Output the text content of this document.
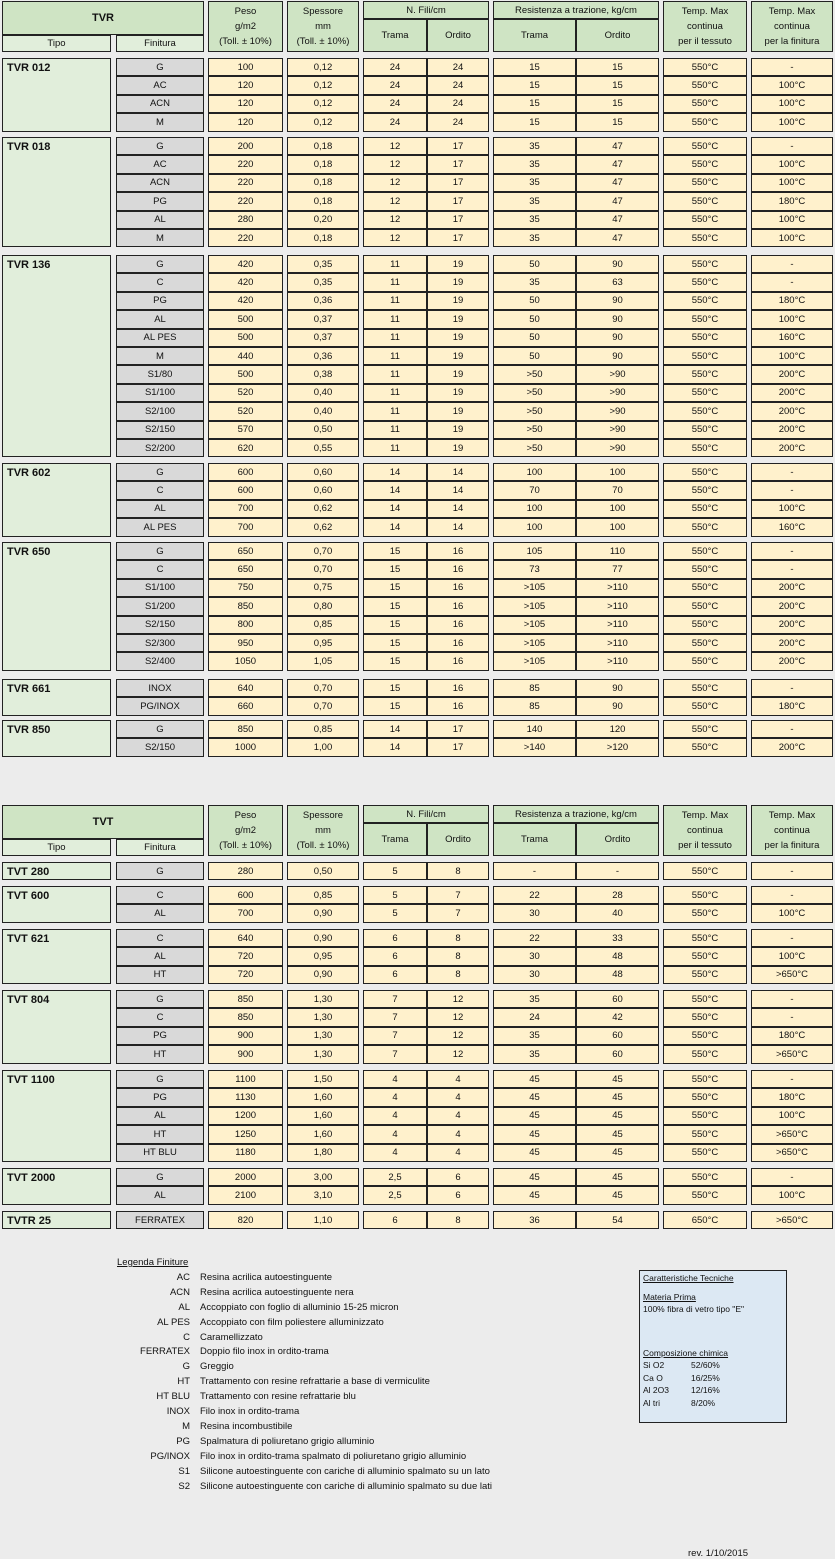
TVR
Tipo	Finitura
Peso
g/m2
(Toll. ± 10%)
Spessore
mm
(Toll. ± 10%)
N. Fili/cm
Trama	Ordito
Resistenza a trazione, kg/cm
Trama	Ordito
Temp. Max
continua
per il tessuto
Temp. Max
continua
per la finitura
TVR 012	G	100	0,12	24	24	15	15	550°C	-
AC	120	0,12	24	24	15	15	550°C	100°C
ACN	120	0,12	24	24	15	15	550°C	100°C
M	120	0,12	24	24	15	15	550°C	100°C
TVR 018	G	200	0,18	12	17	35	47	550°C	-
AC	220	0,18	12	17	35	47	550°C	100°C
ACN	220	0,18	12	17	35	47	550°C	100°C
PG	220	0,18	12	17	35	47	550°C	180°C
AL	280	0,20	12	17	35	47	550°C	100°C
M	220	0,18	12	17	35	47	550°C	100°C
TVR 136	G	420	0,35	11	19	50	90	550°C	-
C	420	0,35	11	19	35	63	550°C	-
PG	420	0,36	11	19	50	90	550°C	180°C
AL	500	0,37	11	19	50	90	550°C	100°C
AL PES	500	0,37	11	19	50	90	550°C	160°C
M	440	0,36	11	19	50	90	550°C	100°C
S1/80	500	0,38	11	19	>50	>90	550°C	200°C
S1/100	520	0,40	11	19	>50	>90	550°C	200°C
S2/100	520	0,40	11	19	>50	>90	550°C	200°C
S2/150	570	0,50	11	19	>50	>90	550°C	200°C
S2/200	620	0,55	11	19	>50	>90	550°C	200°C
TVR 602	G	600	0,60	14	14	100	100	550°C	-
C	600	0,60	14	14	70	70	550°C	-
AL	700	0,62	14	14	100	100	550°C	100°C
AL PES	700	0,62	14	14	100	100	550°C	160°C
TVR 650	G	650	0,70	15	16	105	110	550°C	-
C	650	0,70	15	16	73	77	550°C	-
S1/100	750	0,75	15	16	>105	>110	550°C	200°C
S1/200	850	0,80	15	16	>105	>110	550°C	200°C
S2/150	800	0,85	15	16	>105	>110	550°C	200°C
S2/300	950	0,95	15	16	>105	>110	550°C	200°C
S2/400	1050	1,05	15	16	>105	>110	550°C	200°C
TVR 661	INOX	640	0,70	15	16	85	90	550°C	-
PG/INOX	660	0,70	15	16	85	90	550°C	180°C
TVR 850	G	850	0,85	14	17	140	120	550°C	-
S2/150	1000	1,00	14	17	>140	>120	550°C	200°C
TVT
Tipo	Finitura
Peso
g/m2
(Toll. ± 10%)
Spessore
mm
(Toll. ± 10%)
N. Fili/cm
Trama	Ordito
Resistenza a trazione, kg/cm
Trama	Ordito
Temp. Max
continua
per il tessuto
Temp. Max
continua
per la finitura
TVT 280	G	280	0,50	5	8	-	-	550°C	-
TVT 600	C	600	0,85	5	7	22	28	550°C	-
AL	700	0,90	5	7	30	40	550°C	100°C
TVT 621	C	640	0,90	6	8	22	33	550°C	-
AL	720	0,95	6	8	30	48	550°C	100°C
HT	720	0,90	6	8	30	48	550°C	>650°C
TVT 804	G	850	1,30	7	12	35	60	550°C	-
C	850	1,30	7	12	24	42	550°C	-
PG	900	1,30	7	12	35	60	550°C	180°C
HT	900	1,30	7	12	35	60	550°C	>650°C
TVT 1100	G	1100	1,50	4	4	45	45	550°C	-
PG	1130	1,60	4	4	45	45	550°C	180°C
AL	1200	1,60	4	4	45	45	550°C	100°C
HT	1250	1,60	4	4	45	45	550°C	>650°C
HT BLU	1180	1,80	4	4	45	45	550°C	>650°C
TVT 2000	G	2000	3,00	2,5	6	45	45	550°C	-
AL	2100	3,10	2,5	6	45	45	550°C	100°C
TVTR 25	FERRATEX	820	1,10	6	8	36	54	650°C	>650°C
Legenda Finiture
AC	Resina acrilica autoestinguente
ACN	Resina acrilica autoestinguente nera
AL	Accoppiato con foglio di alluminio 15-25 micron
AL PES	Accoppiato con film poliestere alluminizzato
C	Caramellizzato
FERRATEX	Doppio filo inox in ordito-trama
G	Greggio
HT	Trattamento con resine refrattarie a base di vermiculite
HT BLU	Trattamento con resine refrattarie blu
INOX	Filo inox in ordito-trama
M	Resina incombustibile
PG	Spalmatura di poliuretano grigio alluminio
PG/INOX	Filo inox in ordito-trama spalmato di poliuretano grigio alluminio
S1	Silicone autoestinguente con cariche di alluminio spalmato su un lato
S2	Silicone autoestinguente con cariche di alluminio spalmato su due lati
Caratteristiche Tecniche
Materia Prima
100% fibra di vetro tipo "E"
Composizione chimica
Si O2	52/60%
Ca O	16/25%
Al 2O3	12/16%
Al tri	8/20%
rev. 1/10/2015
